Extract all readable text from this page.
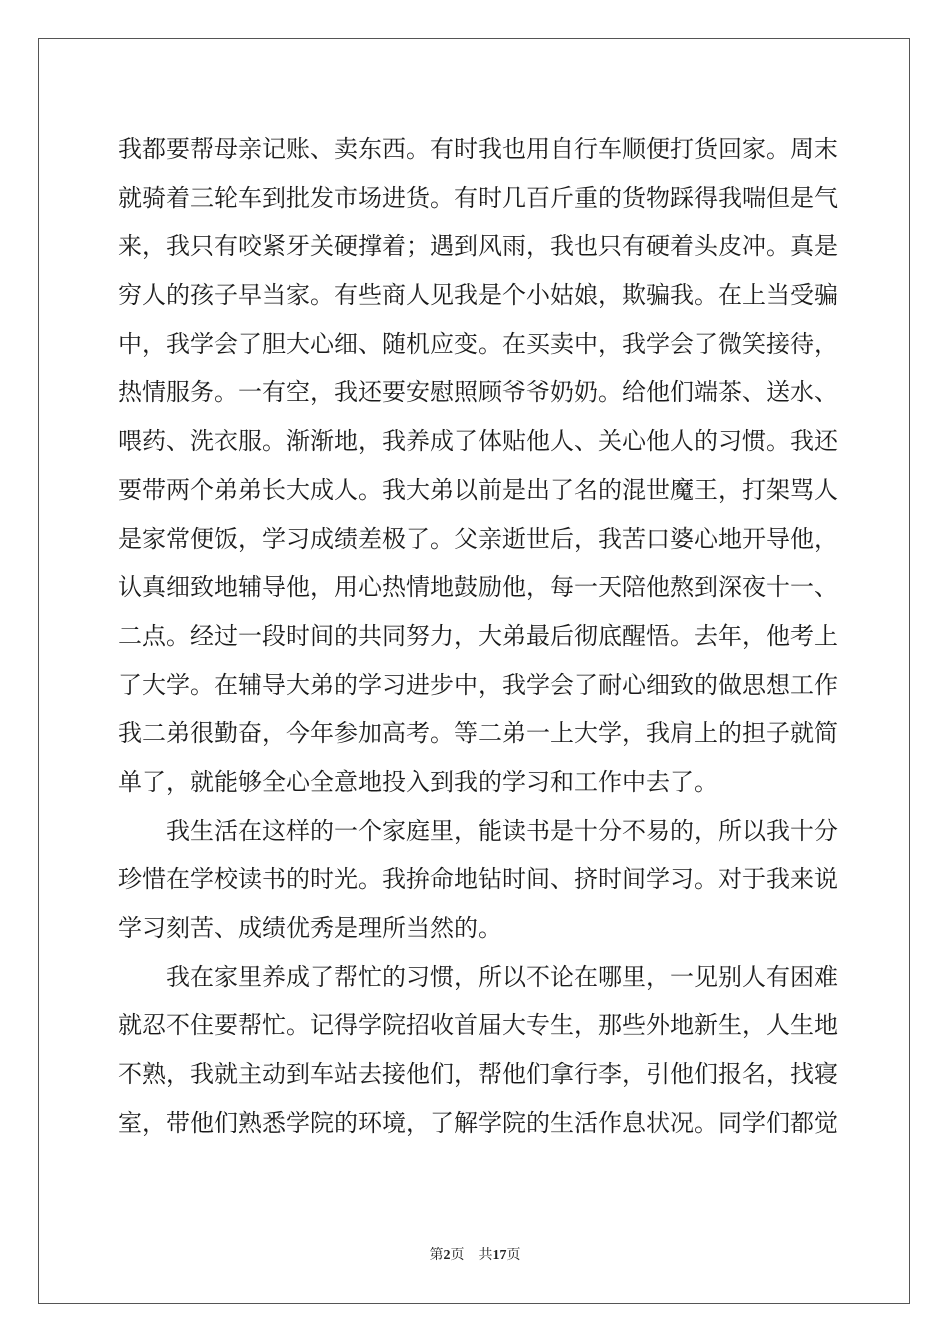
我都要帮母亲记账、卖东西。有时我也用自行车顺便打货回家。周末
就骑着三轮车到批发市场进货。有时几百斤重的货物踩得我喘但是气
来，我只有咬紧牙关硬撑着；遇到风雨，我也只有硬着头皮冲。真是
穷人的孩子早当家。有些商人见我是个小姑娘，欺骗我。在上当受骗
中，我学会了胆大心细、随机应变。在买卖中，我学会了微笑接待，
热情服务。一有空，我还要安慰照顾爷爷奶奶。给他们端茶、送水、
喂药、洗衣服。渐渐地，我养成了体贴他人、关心他人的习惯。我还
要带两个弟弟长大成人。我大弟以前是出了名的混世魔王，打架骂人
是家常便饭，学习成绩差极了。父亲逝世后，我苦口婆心地开导他，
认真细致地辅导他，用心热情地鼓励他，每一天陪他熬到深夜十一、
二点。经过一段时间的共同努力，大弟最后彻底醒悟。去年，他考上
了大学。在辅导大弟的学习进步中，我学会了耐心细致的做思想工作
我二弟很勤奋，今年参加高考。等二弟一上大学，我肩上的担子就简
单了，就能够全心全意地投入到我的学习和工作中去了。
我生活在这样的一个家庭里，能读书是十分不易的，所以我十分
珍惜在学校读书的时光。我拚命地钻时间、挤时间学习。对于我来说
学习刻苦、成绩优秀是理所当然的。
我在家里养成了帮忙的习惯，所以不论在哪里，一见别人有困难
就忍不住要帮忙。记得学院招收首届大专生，那些外地新生，人生地
不熟，我就主动到车站去接他们，帮他们拿行李，引他们报名，找寝
室，带他们熟悉学院的环境，了解学院的生活作息状况。同学们都觉
第2页 共17页
